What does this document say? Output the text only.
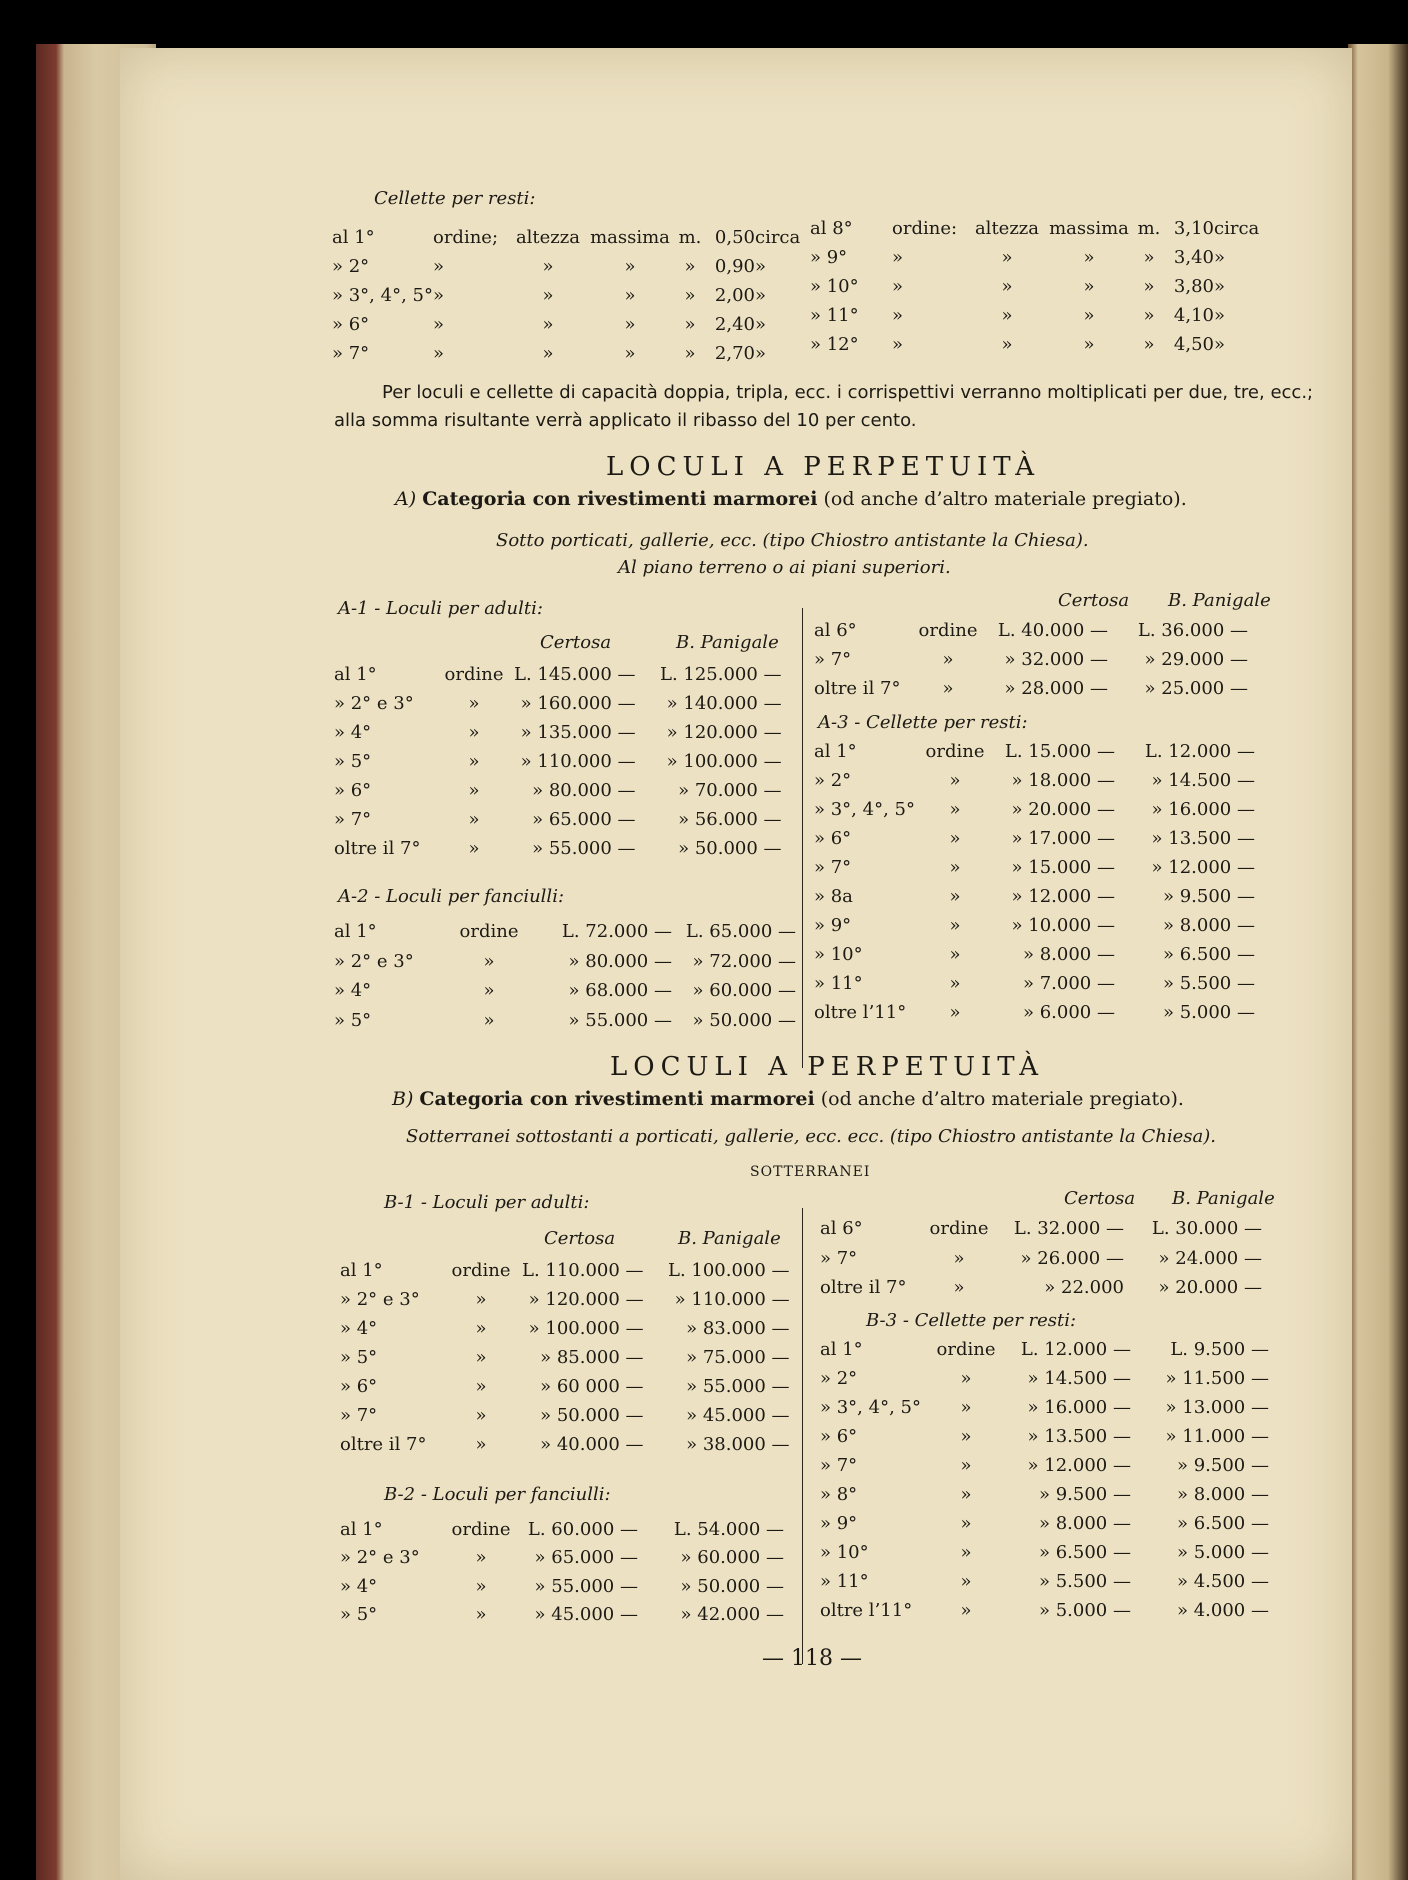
Cellette per resti:
al 1°	ordine;	altezza	massima	m.	0,50	circa
» 2°	»	»	»	»	0,90	»
» 3°, 4°, 5°	»	»	»	»	2,00	»
» 6°	»	»	»	»	2,40	»
» 7°	»	»	»	»	2,70	»
al 8°	ordine:	altezza	massima	m.	3,10	circa
» 9°	»	»	»	»	3,40	»
» 10°	»	»	»	»	3,80	»
» 11°	»	»	»	»	4,10	»
» 12°	»	»	»	»	4,50	»
Per loculi e cellette di capacità doppia, tripla, ecc. i corrispettivi verranno moltiplicati per due, tre, ecc.;
alla somma risultante verrà applicato il ribasso del 10 per cento.
LOCULI A PERPETUITÀ
A) Categoria con rivestimenti marmorei (od anche d’altro materiale pregiato).
Sotto porticati, gallerie, ecc. (tipo Chiostro antistante la Chiesa).
Al piano terreno o ai piani superiori.
A-1 - Loculi per adulti:
Certosa	B. Panigale
al 1°	ordine	L. 145.000 —	L. 125.000 —
» 2° e 3°	»	» 160.000 —	» 140.000 —
» 4°	»	» 135.000 —	» 120.000 —
» 5°	»	» 110.000 —	» 100.000 —
» 6°	»	» 80.000 —	» 70.000 —
» 7°	»	» 65.000 —	» 56.000 —
oltre il 7°	»	» 55.000 —	» 50.000 —
A-2 - Loculi per fanciulli:
al 1°	ordine	L. 72.000 —	L. 65.000 —
» 2° e 3°	»	» 80.000 —	» 72.000 —
» 4°	»	» 68.000 —	» 60.000 —
» 5°	»	» 55.000 —	» 50.000 —
Certosa B. Panigale
al 6°	ordine	L. 40.000 —	L. 36.000 —
» 7°	»	» 32.000 —	» 29.000 —
oltre il 7°	»	» 28.000 —	» 25.000 —
A-3 - Cellette per resti:
al 1°	ordine	L. 15.000 —	L. 12.000 —
» 2°	»	» 18.000 —	» 14.500 —
» 3°, 4°, 5°	»	» 20.000 —	» 16.000 —
» 6°	»	» 17.000 —	» 13.500 —
» 7°	»	» 15.000 —	» 12.000 —
» 8a	»	» 12.000 —	» 9.500 —
» 9°	»	» 10.000 —	» 8.000 —
» 10°	»	» 8.000 —	» 6.500 —
» 11°	»	» 7.000 —	» 5.500 —
oltre l’11°	»	» 6.000 —	» 5.000 —
LOCULI A PERPETUITÀ
B) Categoria con rivestimenti marmorei (od anche d’altro materiale pregiato).
Sotterranei sottostanti a porticati, gallerie, ecc. ecc. (tipo Chiostro antistante la Chiesa).
SOTTERRANEI
B-1 - Loculi per adulti:
Certosa	B. Panigale
al 1°	ordine	L. 110.000 —	L. 100.000 —
» 2° e 3°	»	» 120.000 —	» 110.000 —
» 4°	»	» 100.000 —	» 83.000 —
» 5°	»	» 85.000 —	» 75.000 —
» 6°	»	» 60 000 —	» 55.000 —
» 7°	»	» 50.000 —	» 45.000 —
oltre il 7°	»	» 40.000 —	» 38.000 —
B-2 - Loculi per fanciulli:
al 1°	ordine	L. 60.000 —	L. 54.000 —
» 2° e 3°	»	» 65.000 —	» 60.000 —
» 4°	»	» 55.000 —	» 50.000 —
» 5°	»	» 45.000 —	» 42.000 —
Certosa B. Panigale
al 6°	ordine	L. 32.000 —	L. 30.000 —
» 7°	»	» 26.000 —	» 24.000 —
oltre il 7°	»	» 22.000	» 20.000 —
B-3 - Cellette per resti:
al 1°	ordine	L. 12.000 —	L. 9.500 —
» 2°	»	» 14.500 —	» 11.500 —
» 3°, 4°, 5°	»	» 16.000 —	» 13.000 —
» 6°	»	» 13.500 —	» 11.000 —
» 7°	»	» 12.000 —	» 9.500 —
» 8°	»	» 9.500 —	» 8.000 —
» 9°	»	» 8.000 —	» 6.500 —
» 10°	»	» 6.500 —	» 5.000 —
» 11°	»	» 5.500 —	» 4.500 —
oltre l’11°	»	» 5.000 —	» 4.000 —
— 118 —
